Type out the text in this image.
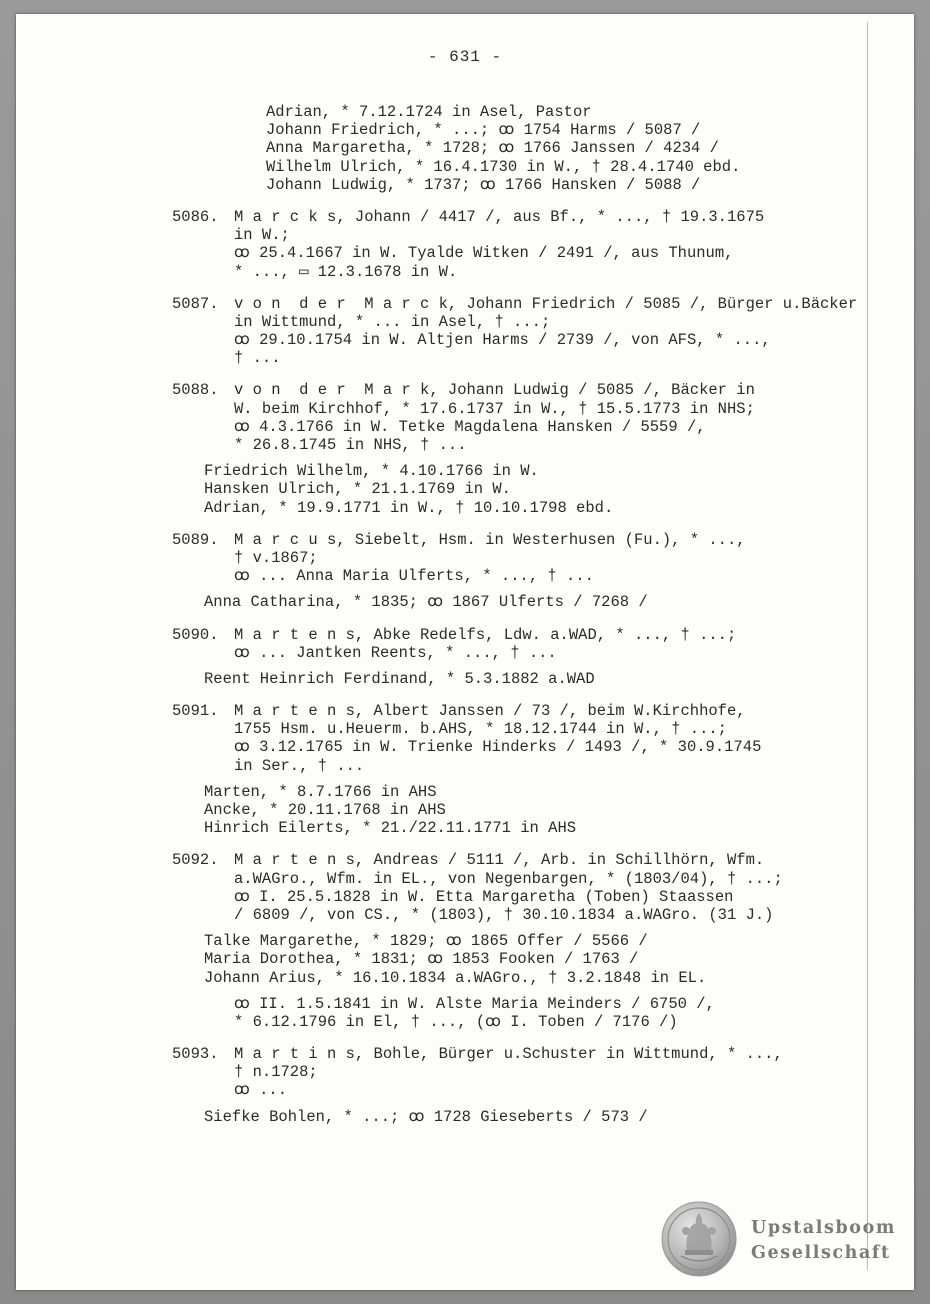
- 631 -
Adrian, * 7.12.1724 in Asel, Pastor
Johann Friedrich, * ...; ꝏ 1754 Harms / 5087 /
Anna Margaretha, * 1728; ꝏ 1766 Janssen / 4234 /
Wilhelm Ulrich, * 16.4.1730 in W., † 28.4.1740 ebd.
Johann Ludwig, * 1737; ꝏ 1766 Hansken / 5088 /
5086. M a r c k s, Johann / 4417 /, aus Bf., * ..., † 19.3.1675
in W.;
ꝏ 25.4.1667 in W. Tyalde Witken / 2491 /, aus Thunum,
* ..., ▭ 12.3.1678 in W.
5087. v o n  d e r  M a r c k, Johann Friedrich / 5085 /, Bürger u.Bäcker
in Wittmund, * ... in Asel, † ...;
ꝏ 29.10.1754 in W. Altjen Harms / 2739 /, von AFS, * ...,
† ...
5088. v o n  d e r  M a r k, Johann Ludwig / 5085 /, Bäcker in
W. beim Kirchhof, * 17.6.1737 in W., † 15.5.1773 in NHS;
ꝏ 4.3.1766 in W. Tetke Magdalena Hansken / 5559 /,
* 26.8.1745 in NHS, † ...
Friedrich Wilhelm, * 4.10.1766 in W.
Hansken Ulrich, * 21.1.1769 in W.
Adrian, * 19.9.1771 in W., † 10.10.1798 ebd.
5089. M a r c u s, Siebelt, Hsm. in Westerhusen (Fu.), * ...,
† v.1867;
ꝏ ... Anna Maria Ulferts, * ..., † ...
Anna Catharina, * 1835; ꝏ 1867 Ulferts / 7268 /
5090. M a r t e n s, Abke Redelfs, Ldw. a.WAD, * ..., † ...;
ꝏ ... Jantken Reents, * ..., † ...
Reent Heinrich Ferdinand, * 5.3.1882 a.WAD
5091. M a r t e n s, Albert Janssen / 73 /, beim W.Kirchhofe,
1755 Hsm. u.Heuerm. b.AHS, * 18.12.1744 in W., † ...;
ꝏ 3.12.1765 in W. Trienke Hinderks / 1493 /, * 30.9.1745
in Ser., † ...
Marten, * 8.7.1766 in AHS
Ancke, * 20.11.1768 in AHS
Hinrich Eilerts, * 21./22.11.1771 in AHS
5092. M a r t e n s, Andreas / 5111 /, Arb. in Schillhörn, Wfm.
a.WAGro., Wfm. in EL., von Negenbargen, * (1803/04), † ...;
ꝏ I. 25.5.1828 in W. Etta Margaretha (Toben) Staassen
/ 6809 /, von CS., * (1803), † 30.10.1834 a.WAGro. (31 J.)
Talke Margarethe, * 1829; ꝏ 1865 Offer / 5566 /
Maria Dorothea, * 1831; ꝏ 1853 Fooken / 1763 /
Johann Arius, * 16.10.1834 a.WAGro., † 3.2.1848 in EL.
ꝏ II. 1.5.1841 in W. Alste Maria Meinders / 6750 /,
* 6.12.1796 in El, † ..., (ꝏ I. Toben / 7176 /)
5093. M a r t i n s, Bohle, Bürger u.Schuster in Wittmund, * ...,
† n.1728;
ꝏ ...
Siefke Bohlen, * ...; ꝏ 1728 Gieseberts / 573 /
Upstalsboom
Gesellschaft
